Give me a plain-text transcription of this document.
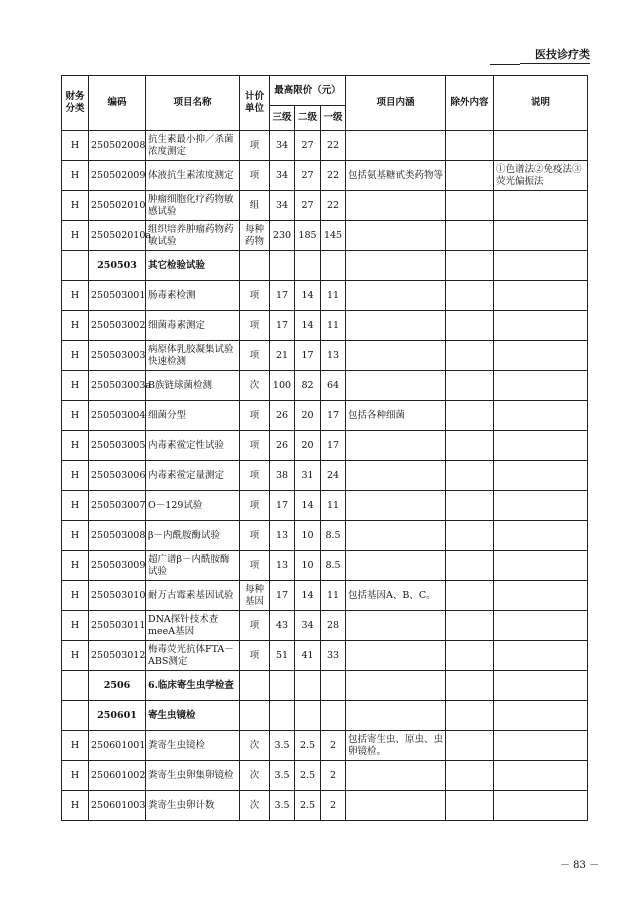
医技诊疗类
财务分类	编码	项目名称	计价单位	最高限价（元）			项目内涵	除外内容	说明
				三级	二级	一级			
H	250502008	抗生素最小抑／杀菌浓度测定	项	34	27	22			
H	250502009	体液抗生素浓度测定	项	34	27	22	包括氨基糖甙类药物等		①色谱法②免疫法③荧光偏振法
H	250502010	肿瘤细胞化疗药物敏感试验	组	34	27	22			
H	250502010a	组织培养肿瘤药物药敏试验	每种药物	230	185	145			
	250503	其它检验试验							
H	250503001	肠毒素检测	项	17	14	11			
H	250503002	细菌毒素测定	项	17	14	11			
H	250503003	病原体乳胶凝集试验快速检测	项	21	17	13			
H	250503003a	B族链球菌检测	次	100	82	64			
H	250503004	细菌分型	项	26	20	17	包括各种细菌		
H	250503005	内毒素鲎定性试验	项	26	20	17			
H	250503006	内毒素鲎定量测定	项	38	31	24			
H	250503007	O－129试验	项	17	14	11			
H	250503008	β－内酰胺酶试验	项	13	10	8.5			
H	250503009	超广谱β－内酰胺酶试验	项	13	10	8.5			
H	250503010	耐万古霉素基因试验	每种基因	17	14	11	包括基因A、B、C。		
H	250503011	DNA探针技术查meeA基因	项	43	34	28			
H	250503012	梅毒荧光抗体FTA－ABS测定	项	51	41	33			
	2506	6.临床寄生虫学检查							
	250601	寄生虫镜检							
H	250601001	粪寄生虫镜检	次	3.5	2.5	2	包括寄生虫、原虫、虫卵镜检。		
H	250601002	粪寄生虫卵集卵镜检	次	3.5	2.5	2			
H	250601003	粪寄生虫卵计数	次	3.5	2.5	2			
－ 83 －
